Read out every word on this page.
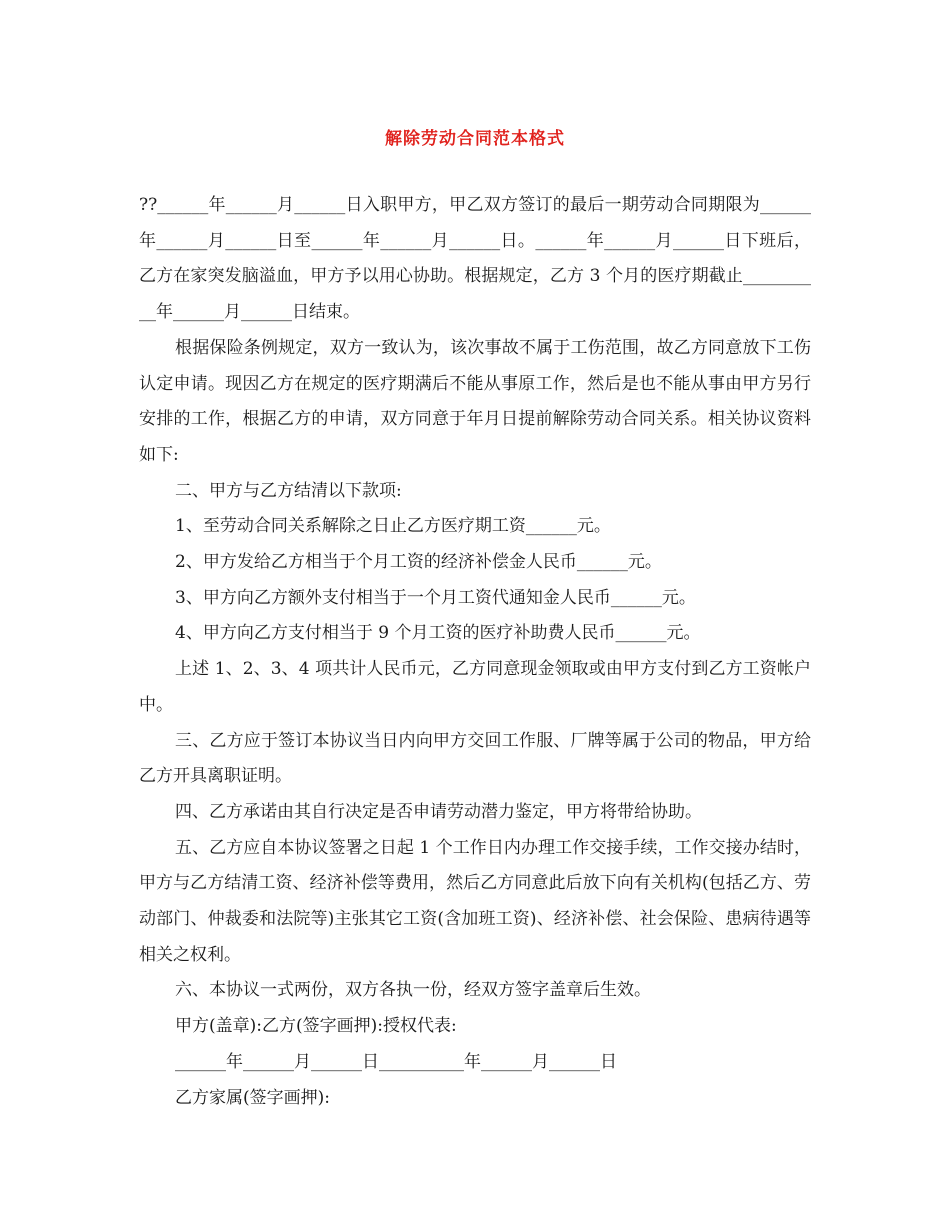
解除劳动合同范本格式

??______年______月______日入职甲方，甲乙双方签订的最后一期劳动合同期限为______年______月______日至______年______月______日。______年______月______日下班后，乙方在家突发脑溢血，甲方予以用心协助。根据规定，乙方 3 个月的医疗期截止__________年______月______日结束。

根据保险条例规定，双方一致认为，该次事故不属于工伤范围，故乙方同意放下工伤认定申请。现因乙方在规定的医疗期满后不能从事原工作，然后是也不能从事由甲方另行安排的工作，根据乙方的申请，双方同意于年月日提前解除劳动合同关系。相关协议资料如下:

二、甲方与乙方结清以下款项:

1、至劳动合同关系解除之日止乙方医疗期工资______元。

2、甲方发给乙方相当于个月工资的经济补偿金人民币______元。

3、甲方向乙方额外支付相当于一个月工资代通知金人民币______元。

4、甲方向乙方支付相当于 9 个月工资的医疗补助费人民币______元。

上述 1、2、3、4 项共计人民币元，乙方同意现金领取或由甲方支付到乙方工资帐户中。

三、乙方应于签订本协议当日内向甲方交回工作服、厂牌等属于公司的物品，甲方给乙方开具离职证明。

四、乙方承诺由其自行决定是否申请劳动潜力鉴定，甲方将带给协助。

五、乙方应自本协议签署之日起 1 个工作日内办理工作交接手续，工作交接办结时，甲方与乙方结清工资、经济补偿等费用，然后乙方同意此后放下向有关机构(包括乙方、劳动部门、仲裁委和法院等)主张其它工资(含加班工资)、经济补偿、社会保险、患病待遇等相关之权利。

六、本协议一式两份，双方各执一份，经双方签字盖章后生效。

甲方(盖章):乙方(签字画押):授权代表:

______年______月______日__________年______月______日

乙方家属(签字画押):
